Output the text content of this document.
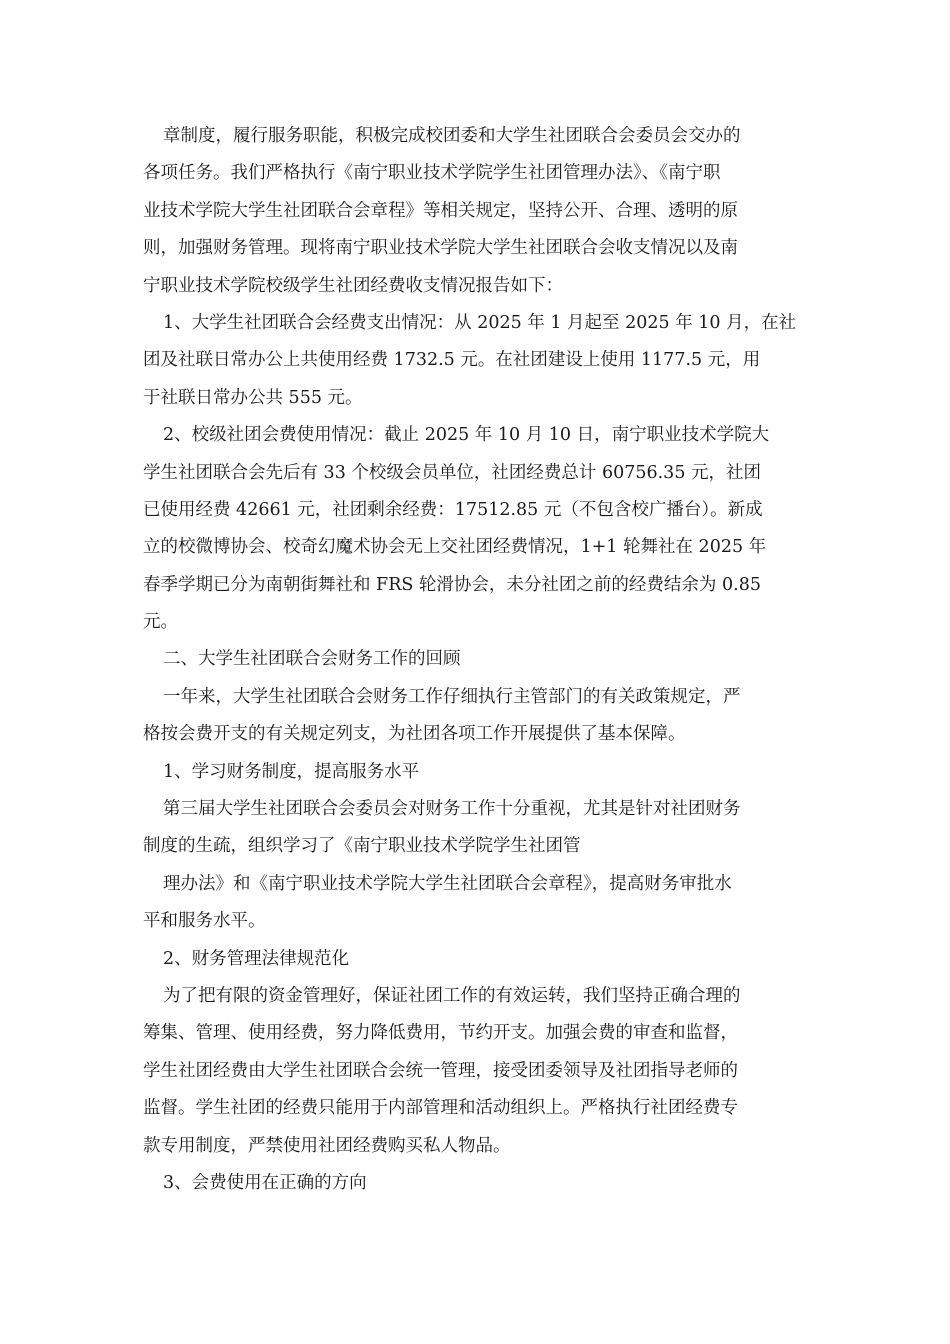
章制度，履行服务职能，积极完成校团委和大学生社团联合会委员会交办的
各项任务。我们严格执行《南宁职业技术学院学生社团管理办法》、《南宁职
业技术学院大学生社团联合会章程》等相关规定，坚持公开、合理、透明的原
则，加强财务管理。现将南宁职业技术学院大学生社团联合会收支情况以及南
宁职业技术学院校级学生社团经费收支情况报告如下：
1、大学生社团联合会经费支出情况：从 2025 年 1 月起至 2025 年 10 月，在社
团及社联日常办公上共使用经费 1732.5 元。在社团建设上使用 1177.5 元，用
于社联日常办公共 555 元。
2、校级社团会费使用情况：截止 2025 年 10 月 10 日，南宁职业技术学院大
学生社团联合会先后有 33 个校级会员单位，社团经费总计 60756.35 元，社团
已使用经费 42661 元，社团剩余经费：17512.85 元（不包含校广播台）。新成
立的校微博协会、校奇幻魔术协会无上交社团经费情况，1+1 轮舞社在 2025 年
春季学期已分为南朝街舞社和 FRS 轮滑协会，未分社团之前的经费结余为 0.85
元。
二、大学生社团联合会财务工作的回顾
一年来，大学生社团联合会财务工作仔细执行主管部门的有关政策规定，严
格按会费开支的有关规定列支，为社团各项工作开展提供了基本保障。
1、学习财务制度，提高服务水平
第三届大学生社团联合会委员会对财务工作十分重视，尤其是针对社团财务
制度的生疏，组织学习了《南宁职业技术学院学生社团管
理办法》和《南宁职业技术学院大学生社团联合会章程》，提高财务审批水
平和服务水平。
2、财务管理法律规范化
为了把有限的资金管理好，保证社团工作的有效运转，我们坚持正确合理的
筹集、管理、使用经费，努力降低费用，节约开支。加强会费的审查和监督，
学生社团经费由大学生社团联合会统一管理，接受团委领导及社团指导老师的
监督。学生社团的经费只能用于内部管理和活动组织上。严格执行社团经费专
款专用制度，严禁使用社团经费购买私人物品。
3、会费使用在正确的方向
